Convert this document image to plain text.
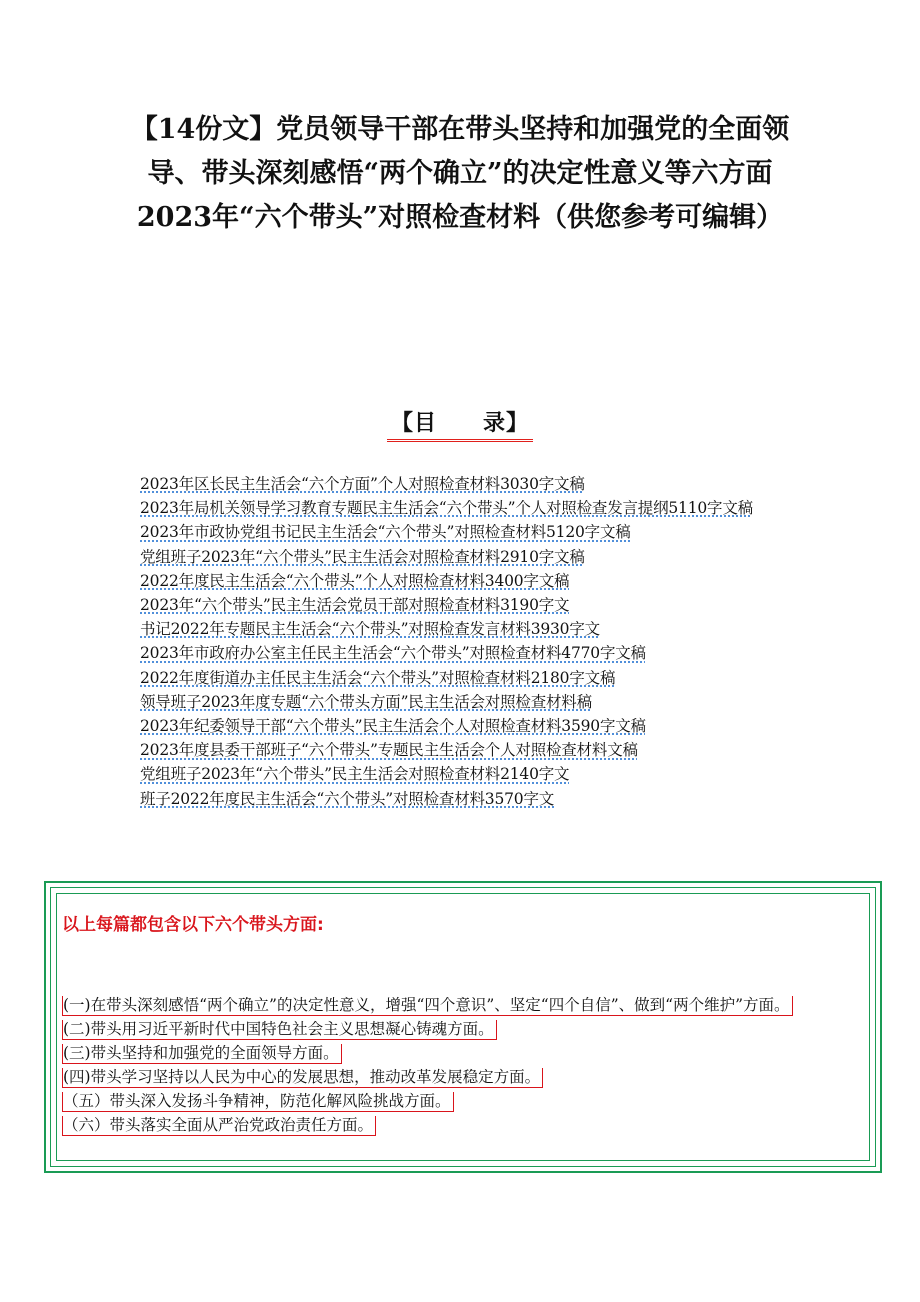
【14份文】党员领导干部在带头坚持和加强党的全面领导、带头深刻感悟“两个确立”的决定性意义等六方面2023年“六个带头”对照检查材料（供您参考可编辑）
【目　　录】
2023年区长民主生活会“六个方面”个人对照检查材料3030字文稿
2023年局机关领导学习教育专题民主生活会“六个带头”个人对照检查发言提纲5110字文稿
2023年市政协党组书记民主生活会“六个带头”对照检查材料5120字文稿
党组班子2023年“六个带头”民主生活会对照检查材料2910字文稿
2022年度民主生活会“六个带头”个人对照检查材料3400字文稿
2023年“六个带头”民主生活会党员干部对照检查材料3190字文
书记2022年专题民主生活会“六个带头”对照检查发言材料3930字文
2023年市政府办公室主任民主生活会“六个带头”对照检查材料4770字文稿
2022年度街道办主任民主生活会“六个带头”对照检查材料2180字文稿
领导班子2023年度专题“六个带头方面”民主生活会对照检查材料稿
2023年纪委领导干部“六个带头”民主生活会个人对照检查材料3590字文稿
2023年度县委干部班子“六个带头”专题民主生活会个人对照检查材料文稿
党组班子2023年“六个带头”民主生活会对照检查材料2140字文
班子2022年度民主生活会“六个带头”对照检查材料3570字文
以上每篇都包含以下六个带头方面:
(一)在带头深刻感悟“两个确立”的决定性意义，增强“四个意识”、坚定“四个自信”、做到“两个维护”方面。
(二)带头用习近平新时代中国特色社会主义思想凝心铸魂方面。
(三)带头坚持和加强党的全面领导方面。
(四)带头学习坚持以人民为中心的发展思想，推动改革发展稳定方面。
（五）带头深入发扬斗争精神，防范化解风险挑战方面。
（六）带头落实全面从严治党政治责任方面。
